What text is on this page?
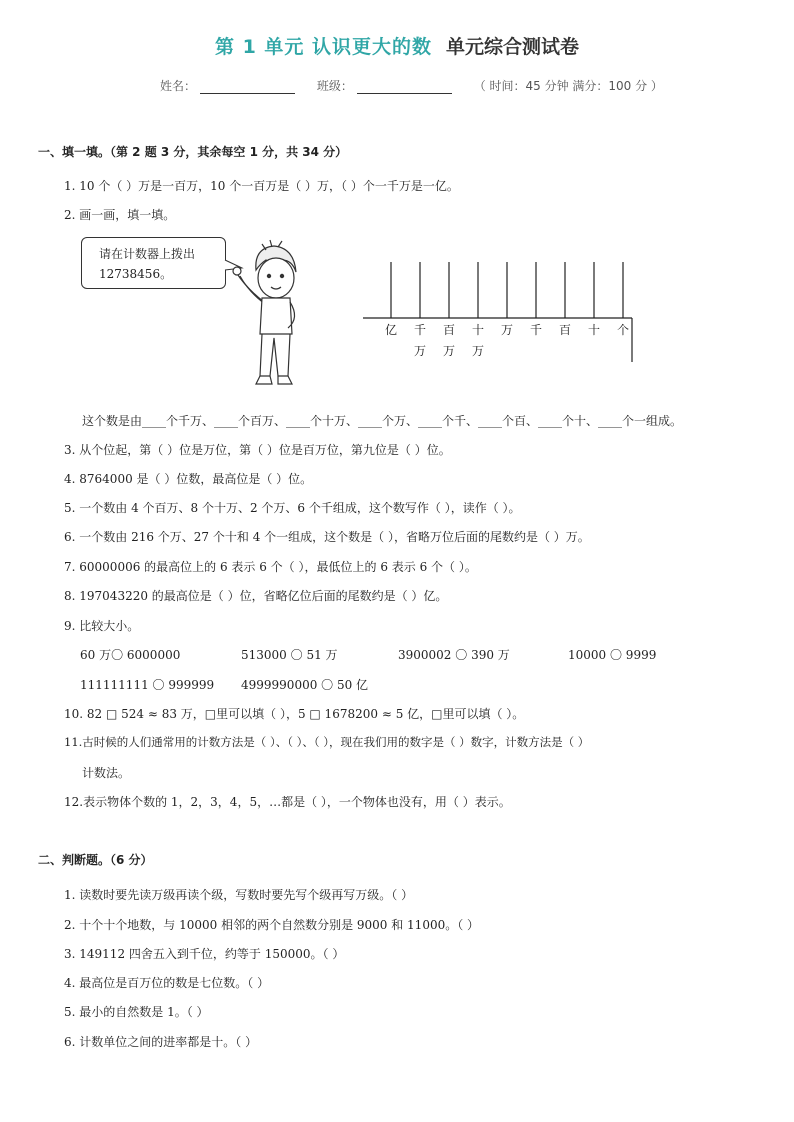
第 1 单元 认识更大的数 单元综合测试卷
姓名：	班级：	（ 时间：45 分钟 满分：100 分 ）
一、填一填。（第 2 题 3 分，其余每空 1 分，共 34 分）
1. 10 个（ ）万是一百万，10 个一百万是（ ）万，（ ）个一千万是一亿。
2. 画一画，填一填。
请在计数器上拨出
12738456。
亿 千 百 十 万 千 百 十 个
万 万 万
这个数是由____个千万、____个百万、____个十万、____个万、____个千、____个百、____个十、____个一组成。
3. 从个位起，第（ ）位是万位，第（ ）位是百万位，第九位是（ ）位。
4. 8764000 是（ ）位数，最高位是（ ）位。
5. 一个数由 4 个百万、8 个十万、2 个万、6 个千组成，这个数写作（ ），读作（ ）。
6. 一个数由 216 个万、27 个十和 4 个一组成，这个数是（ ），省略万位后面的尾数约是（ ）万。
7. 60000006 的最高位上的 6 表示 6 个（ ），最低位上的 6 表示 6 个（ ）。
8. 197043220 的最高位是（ ）位，省略亿位后面的尾数约是（ ）亿。
9. 比较大小。
60 万〇 6000000	513000 〇 51 万	3900002 〇 390 万	10000 〇 9999
111111111 〇 999999 4999990000 〇 50 亿
10. 82 □ 524 ≈ 83 万，□里可以填（ ），5 □ 1678200 ≈ 5 亿，□里可以填（ ）。
11.古时候的人们通常用的计数方法是（ ）、（ ）、（ ），现在我们用的数字是（ ）数字，计数方法是（ ）
计数法。
12.表示物体个数的 1，2，3，4，5，…都是（ ），一个物体也没有，用（ ）表示。
二、判断题。（6 分）
1. 读数时要先读万级再读个级，写数时要先写个级再写万级。（ ）
2. 十个十个地数，与 10000 相邻的两个自然数分别是 9000 和 11000。（ ）
3. 149112 四舍五入到千位，约等于 150000。（ ）
4. 最高位是百万位的数是七位数。（ ）
5. 最小的自然数是 1。（ ）
6. 计数单位之间的进率都是十。（ ）
